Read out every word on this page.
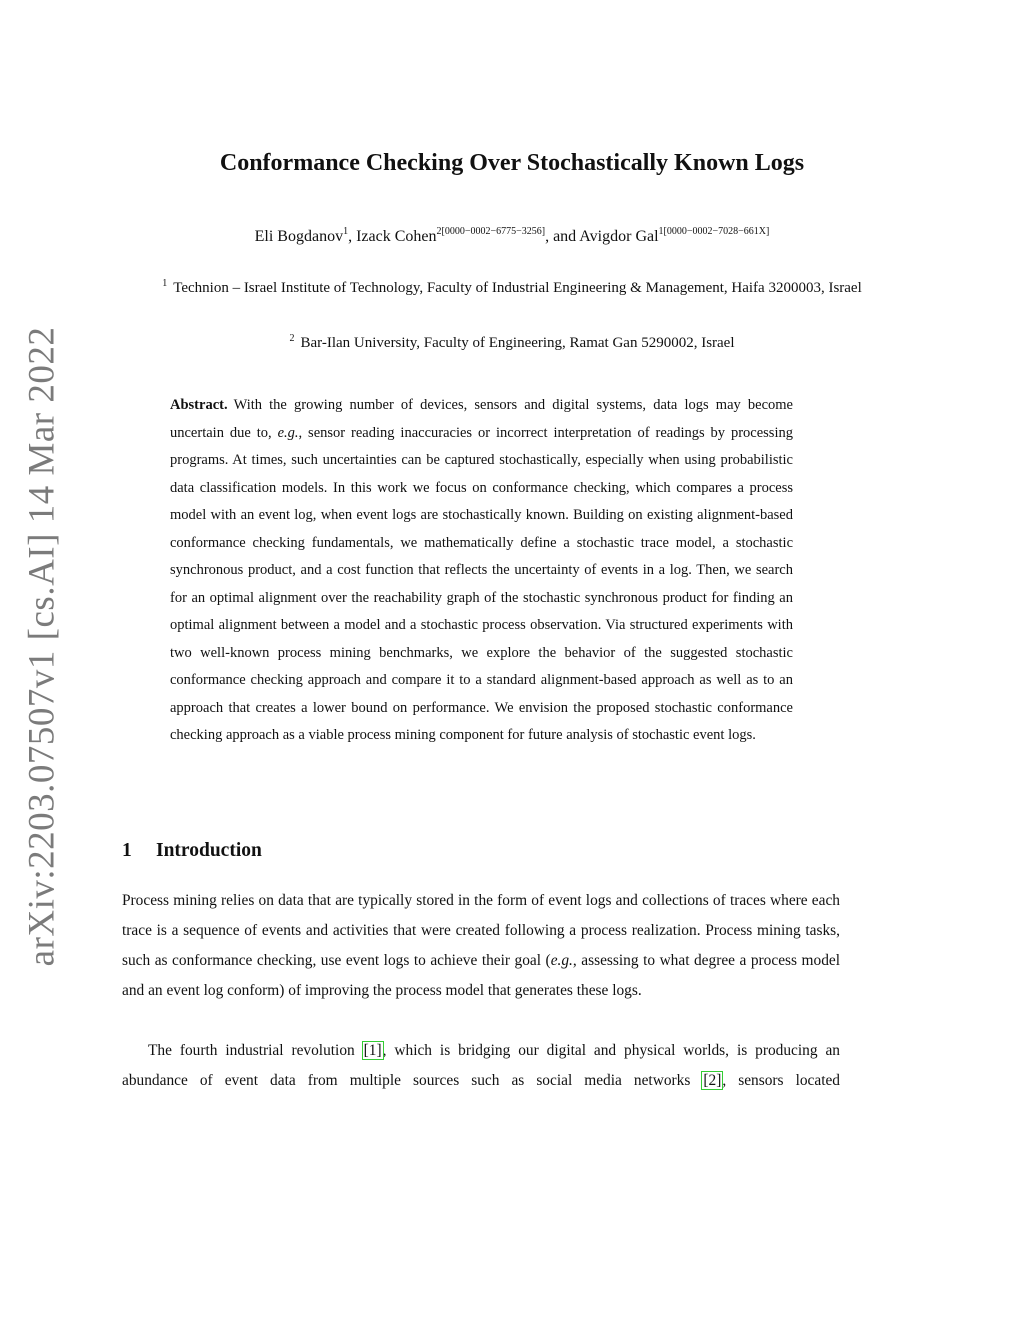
arXiv:2203.07507v1 [cs.AI] 14 Mar 2022
Conformance Checking Over Stochastically Known Logs
Eli Bogdanov$^1$, Izack Cohen$^{2[0000-0002-6775-3256]}$, and Avigdor Gal$^{1[0000-0002-7028-661X]}$
$^1$ Technion – Israel Institute of Technology, Faculty of Industrial Engineering & Management, Haifa 3200003, Israel
$^2$ Bar-Ilan University, Faculty of Engineering, Ramat Gan 5290002, Israel

Abstract. With the growing number of devices, sensors and digital systems, data logs may become uncertain due to, e.g., sensor reading inaccuracies or incorrect interpretation of readings by processing programs. At times, such uncertainties can be captured stochastically, especially when using probabilistic data classification models. In this work we focus on conformance checking, which compares a process model with an event log, when event logs are stochastically known. Building on existing alignment-based conformance checking fundamentals, we mathematically define a stochastic trace model, a stochastic synchronous product, and a cost function that reflects the uncertainty of events in a log. Then, we search for an optimal alignment over the reachability graph of the stochastic synchronous product for finding an optimal alignment between a model and a stochastic process observation. Via structured experiments with two well-known process mining benchmarks, we explore the behavior of the suggested stochastic conformance checking approach and compare it to a standard alignment-based approach as well as to an approach that creates a lower bound on performance. We envision the proposed stochastic conformance checking approach as a viable process mining component for future analysis of stochastic event logs.

1 Introduction

Process mining relies on data that are typically stored in the form of event logs and collections of traces where each trace is a sequence of events and activities that were created following a process realization. Process mining tasks, such as conformance checking, use event logs to achieve their goal (e.g., assessing to what degree a process model and an event log conform) of improving the process model that generates these logs.

The fourth industrial revolution [1], which is bridging our digital and physical worlds, is producing an abundance of event data from multiple sources such as social media networks [2], sensors located
